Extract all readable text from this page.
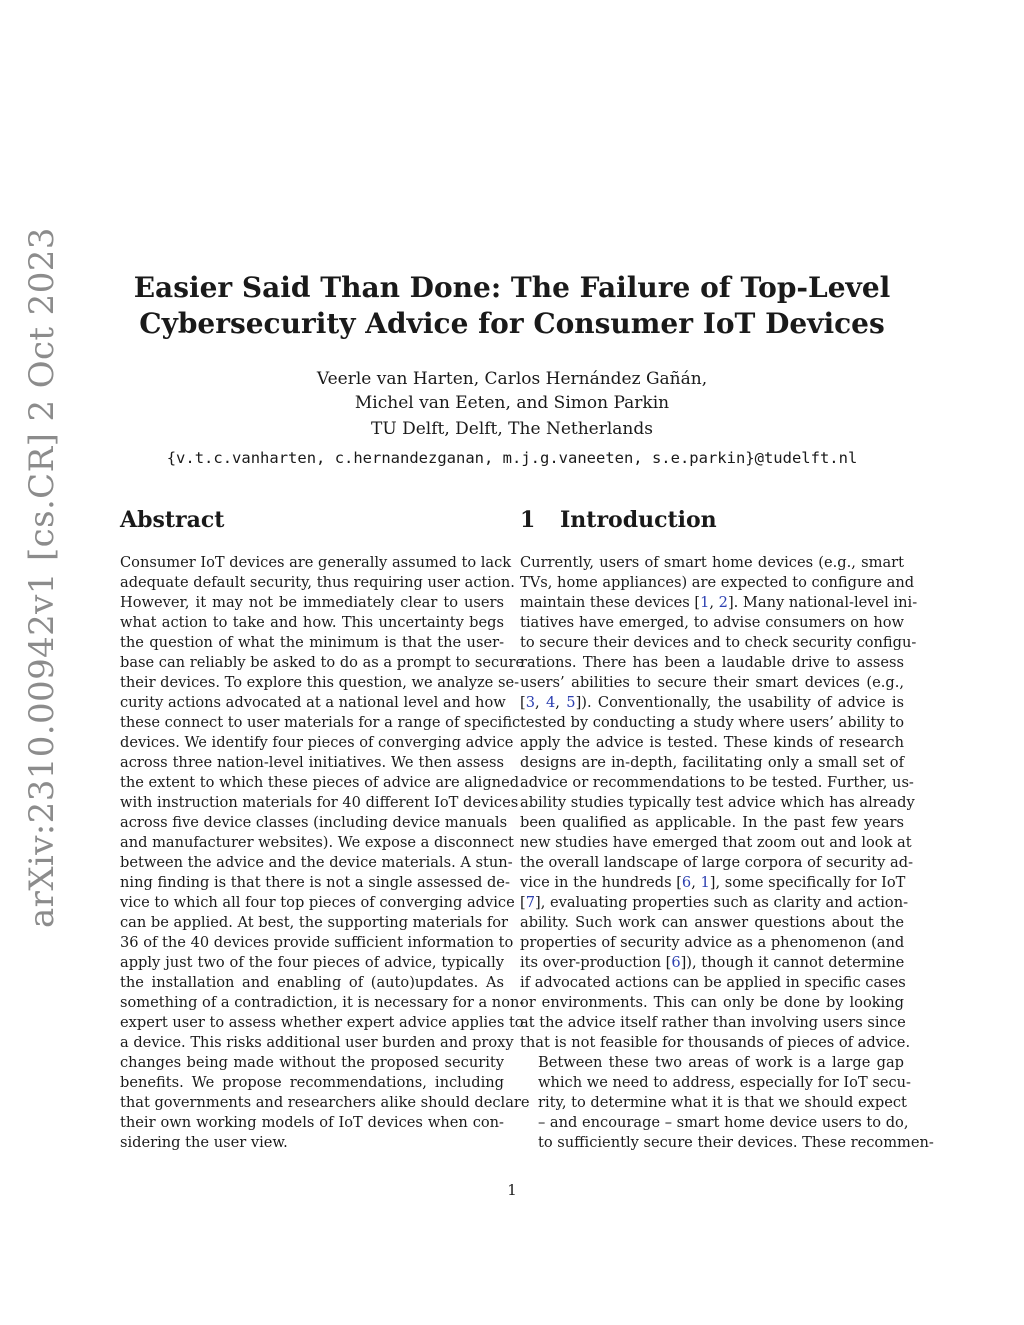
arXiv:2310.00942v1 [cs.CR] 2 Oct 2023	Easier Said Than Done: The Failure of Top-Level
Cybersecurity Advice for Consumer IoT Devices
Veerle van Harten, Carlos Hernández Gañán,
Michel van Eeten, and Simon Parkin
TU Delft, Delft, The Netherlands
{v.t.c.vanharten, c.hernandezganan, m.j.g.vaneeten, s.e.parkin}@tudelft.nl
Abstract

Consumer IoT devices are generally assumed to lack
adequate default security, thus requiring user action.
However, it may not be immediately clear to users
what action to take and how. This uncertainty begs
the question of what the minimum is that the user-
base can reliably be asked to do as a prompt to secure
their devices. To explore this question, we analyze se-
curity actions advocated at a national level and how
these connect to user materials for a range of specific
devices. We identify four pieces of converging advice
across three nation-level initiatives. We then assess
the extent to which these pieces of advice are aligned
with instruction materials for 40 different IoT devices
across five device classes (including device manuals
and manufacturer websites). We expose a disconnect
between the advice and the device materials. A stun-
ning finding is that there is not a single assessed de-
vice to which all four top pieces of converging advice
can be applied. At best, the supporting materials for
36 of the 40 devices provide sufficient information to
apply just two of the four pieces of advice, typically
the installation and enabling of (auto)updates. As
something of a contradiction, it is necessary for a non-
expert user to assess whether expert advice applies to
a device. This risks additional user burden and proxy
changes being made without the proposed security
benefits. We propose recommendations, including
that governments and researchers alike should declare
their own working models of IoT devices when con-
sidering the user view.

1 Introduction

Currently, users of smart home devices (e.g., smart
TVs, home appliances) are expected to configure and
maintain these devices [1, 2]. Many national-level ini-
tiatives have emerged, to advise consumers on how
to secure their devices and to check security configu-
rations. There has been a laudable drive to assess
users’ abilities to secure their smart devices (e.g.,
[3, 4, 5]). Conventionally, the usability of advice is
tested by conducting a study where users’ ability to
apply the advice is tested. These kinds of research
designs are in-depth, facilitating only a small set of
advice or recommendations to be tested. Further, us-
ability studies typically test advice which has already
been qualified as applicable. In the past few years
new studies have emerged that zoom out and look at
the overall landscape of large corpora of security ad-
vice in the hundreds [6, 1], some specifically for IoT
[7], evaluating properties such as clarity and action-
ability. Such work can answer questions about the
properties of security advice as a phenomenon (and
its over-production [6]), though it cannot determine
if advocated actions can be applied in specific cases
or environments. This can only be done by looking
at the advice itself rather than involving users since
that is not feasible for thousands of pieces of advice.

Between these two areas of work is a large gap
which we need to address, especially for IoT secu-
rity, to determine what it is that we should expect
– and encourage – smart home device users to do,
to sufficiently secure their devices. These recommen-

1
